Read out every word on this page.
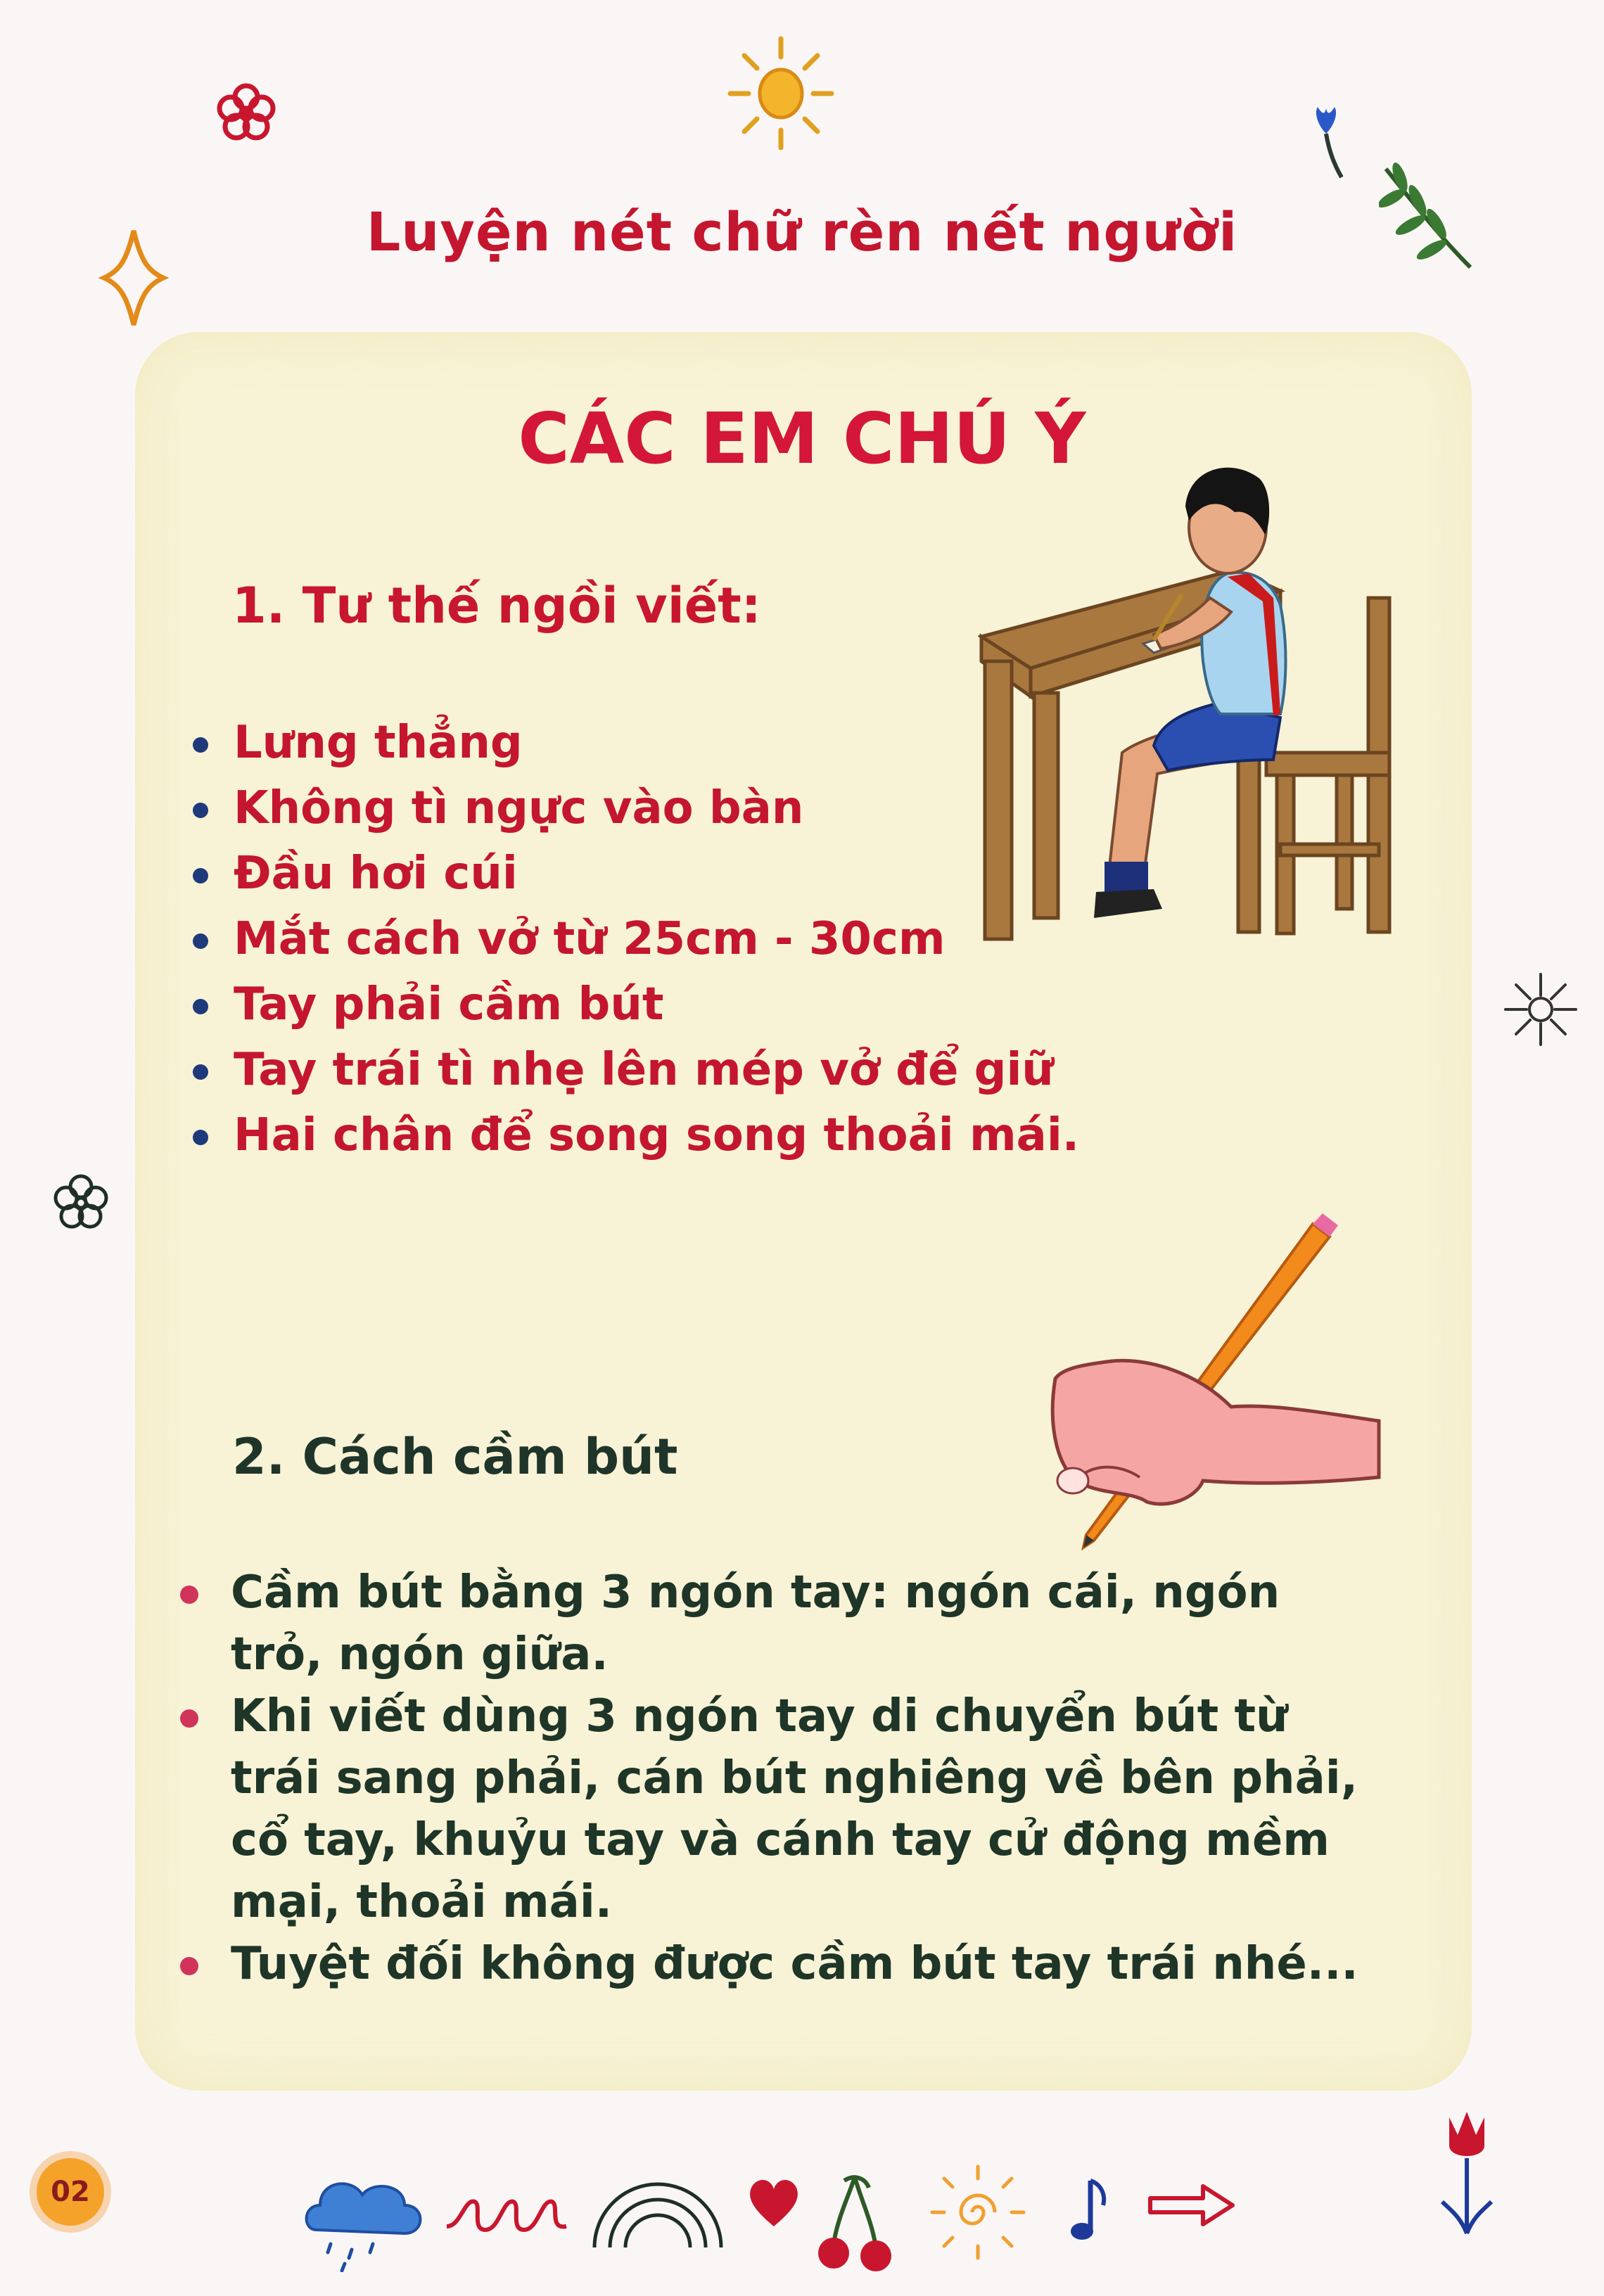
Luyện nét chữ rèn nết người
CÁC EM CHÚ Ý
1. Tư thế ngồi viết:
Lưng thẳng
Không tì ngực vào bàn
Đầu hơi cúi
Mắt cách vở từ 25cm - 30cm
Tay phải cầm bút
Tay trái tì nhẹ lên mép vở để giữ
Hai chân để song song thoải mái.
2. Cách cầm bút
Cầm bút bằng 3 ngón tay: ngón cái, ngón trỏ, ngón giữa.
Khi viết dùng 3 ngón tay di chuyển bút từ trái sang phải, cán bút nghiêng về bên phải, cổ tay, khuỷu tay và cánh tay cử động mềm mại, thoải mái.
Tuyệt đối không được cầm bút tay trái nhé...
02
